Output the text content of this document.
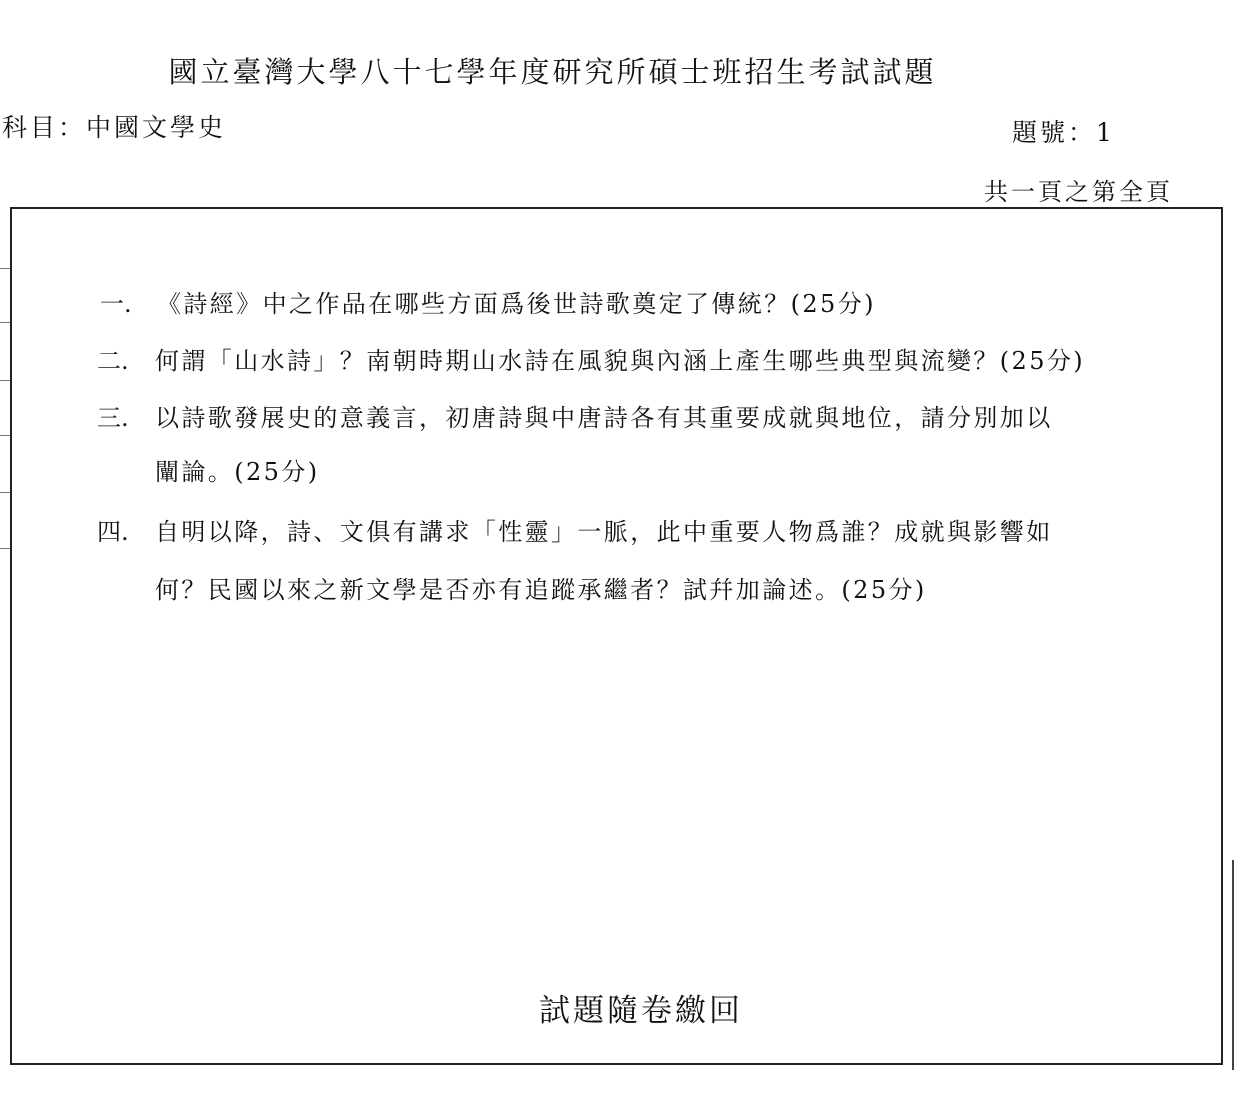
國立臺灣大學八十七學年度研究所碩士班招生考試試題
科目：中國文學史	題號：1
共一頁之第全頁
一. 《詩經》中之作品在哪些方面爲後世詩歌奠定了傳統？(25分)
二. 何謂「山水詩」？南朝時期山水詩在風貌與內涵上產生哪些典型與流變？(25分)
三. 以詩歌發展史的意義言，初唐詩與中唐詩各有其重要成就與地位，請分別加以
闡論。(25分)
四. 自明以降，詩、文俱有講求「性靈」一脈，此中重要人物爲誰？成就與影響如
何？民國以來之新文學是否亦有追蹤承繼者？試幷加論述。(25分)
試題隨卷繳回
